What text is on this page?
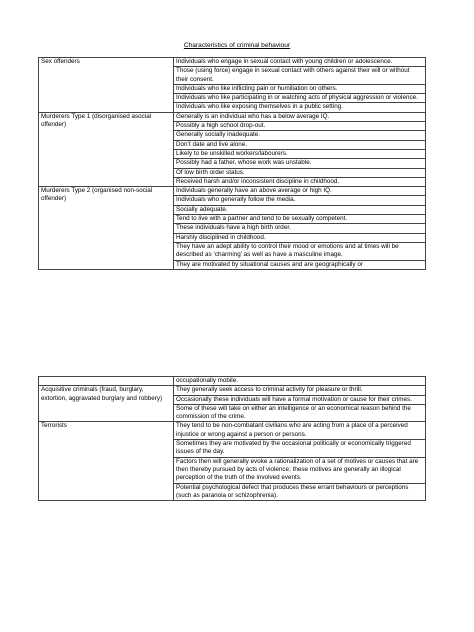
Characteristics of criminal behaviour
Sex offenders	Individuals who engage in sexual contact with young children or adolescence.
	Those (using force) engage in sexual contact with others against their will or without their consent.
	Individuals who like inflicting pain or humiliation on others.
	Individuals who like participating in or watching acts of physical aggression or violence.
	Individuals who like exposing themselves in a public setting.
Murderers Type 1 (disorganised asocial offender)	Generally is an individual who has a below average IQ.
	Possibly a high school drop-out.
	Generally socially inadequate.
	Don’t date and live alone.
	Likely to be unskilled workers/labourers.
	Possibly had a father, whose work was unstable.
	Of low birth order status.
	Received harsh and/or inconsistent discipline in childhood.
Murderers Type 2 (organised non-social offender)	Individuals generally have an above average or high IQ.
	Individuals who generally follow the media.
	Socially adequate.
	Tend to live with a partner and tend to be sexually competent.
	These individuals have a high birth order.
	Harshly disciplined in childhood.
	They have an adept ability to control their mood or emotions and at times will be described as ‘charming’ as well as have a masculine image.
	They are motivated by situational causes and are geographically or
	occupationally mobile.
Acquisitive criminals (fraud, burglary, extortion, aggravated burglary and robbery)	They generally seek access to criminal activity for pleasure or thrill.
	Occasionally these individuals will have a formal motivation or cause for their crimes.
	Some of these will take on either an intelligence or an economical reason behind the commission of the crime.
Terrorists	They tend to be non-combatant civilians who are acting from a place of a perceived injustice or wrong against a person or persons.
	Sometimes they are motivated by the occasional politically or economically triggered issues of the day.
	Factors then will generally evoke a rationalization of a set of motives or causes that are then thereby pursued by acts of violence; these motives are generally an illogical perception of the truth of the involved events.
	Potential psychological defect that produces these errant behaviours or perceptions (such as paranoia or schizophrenia).
